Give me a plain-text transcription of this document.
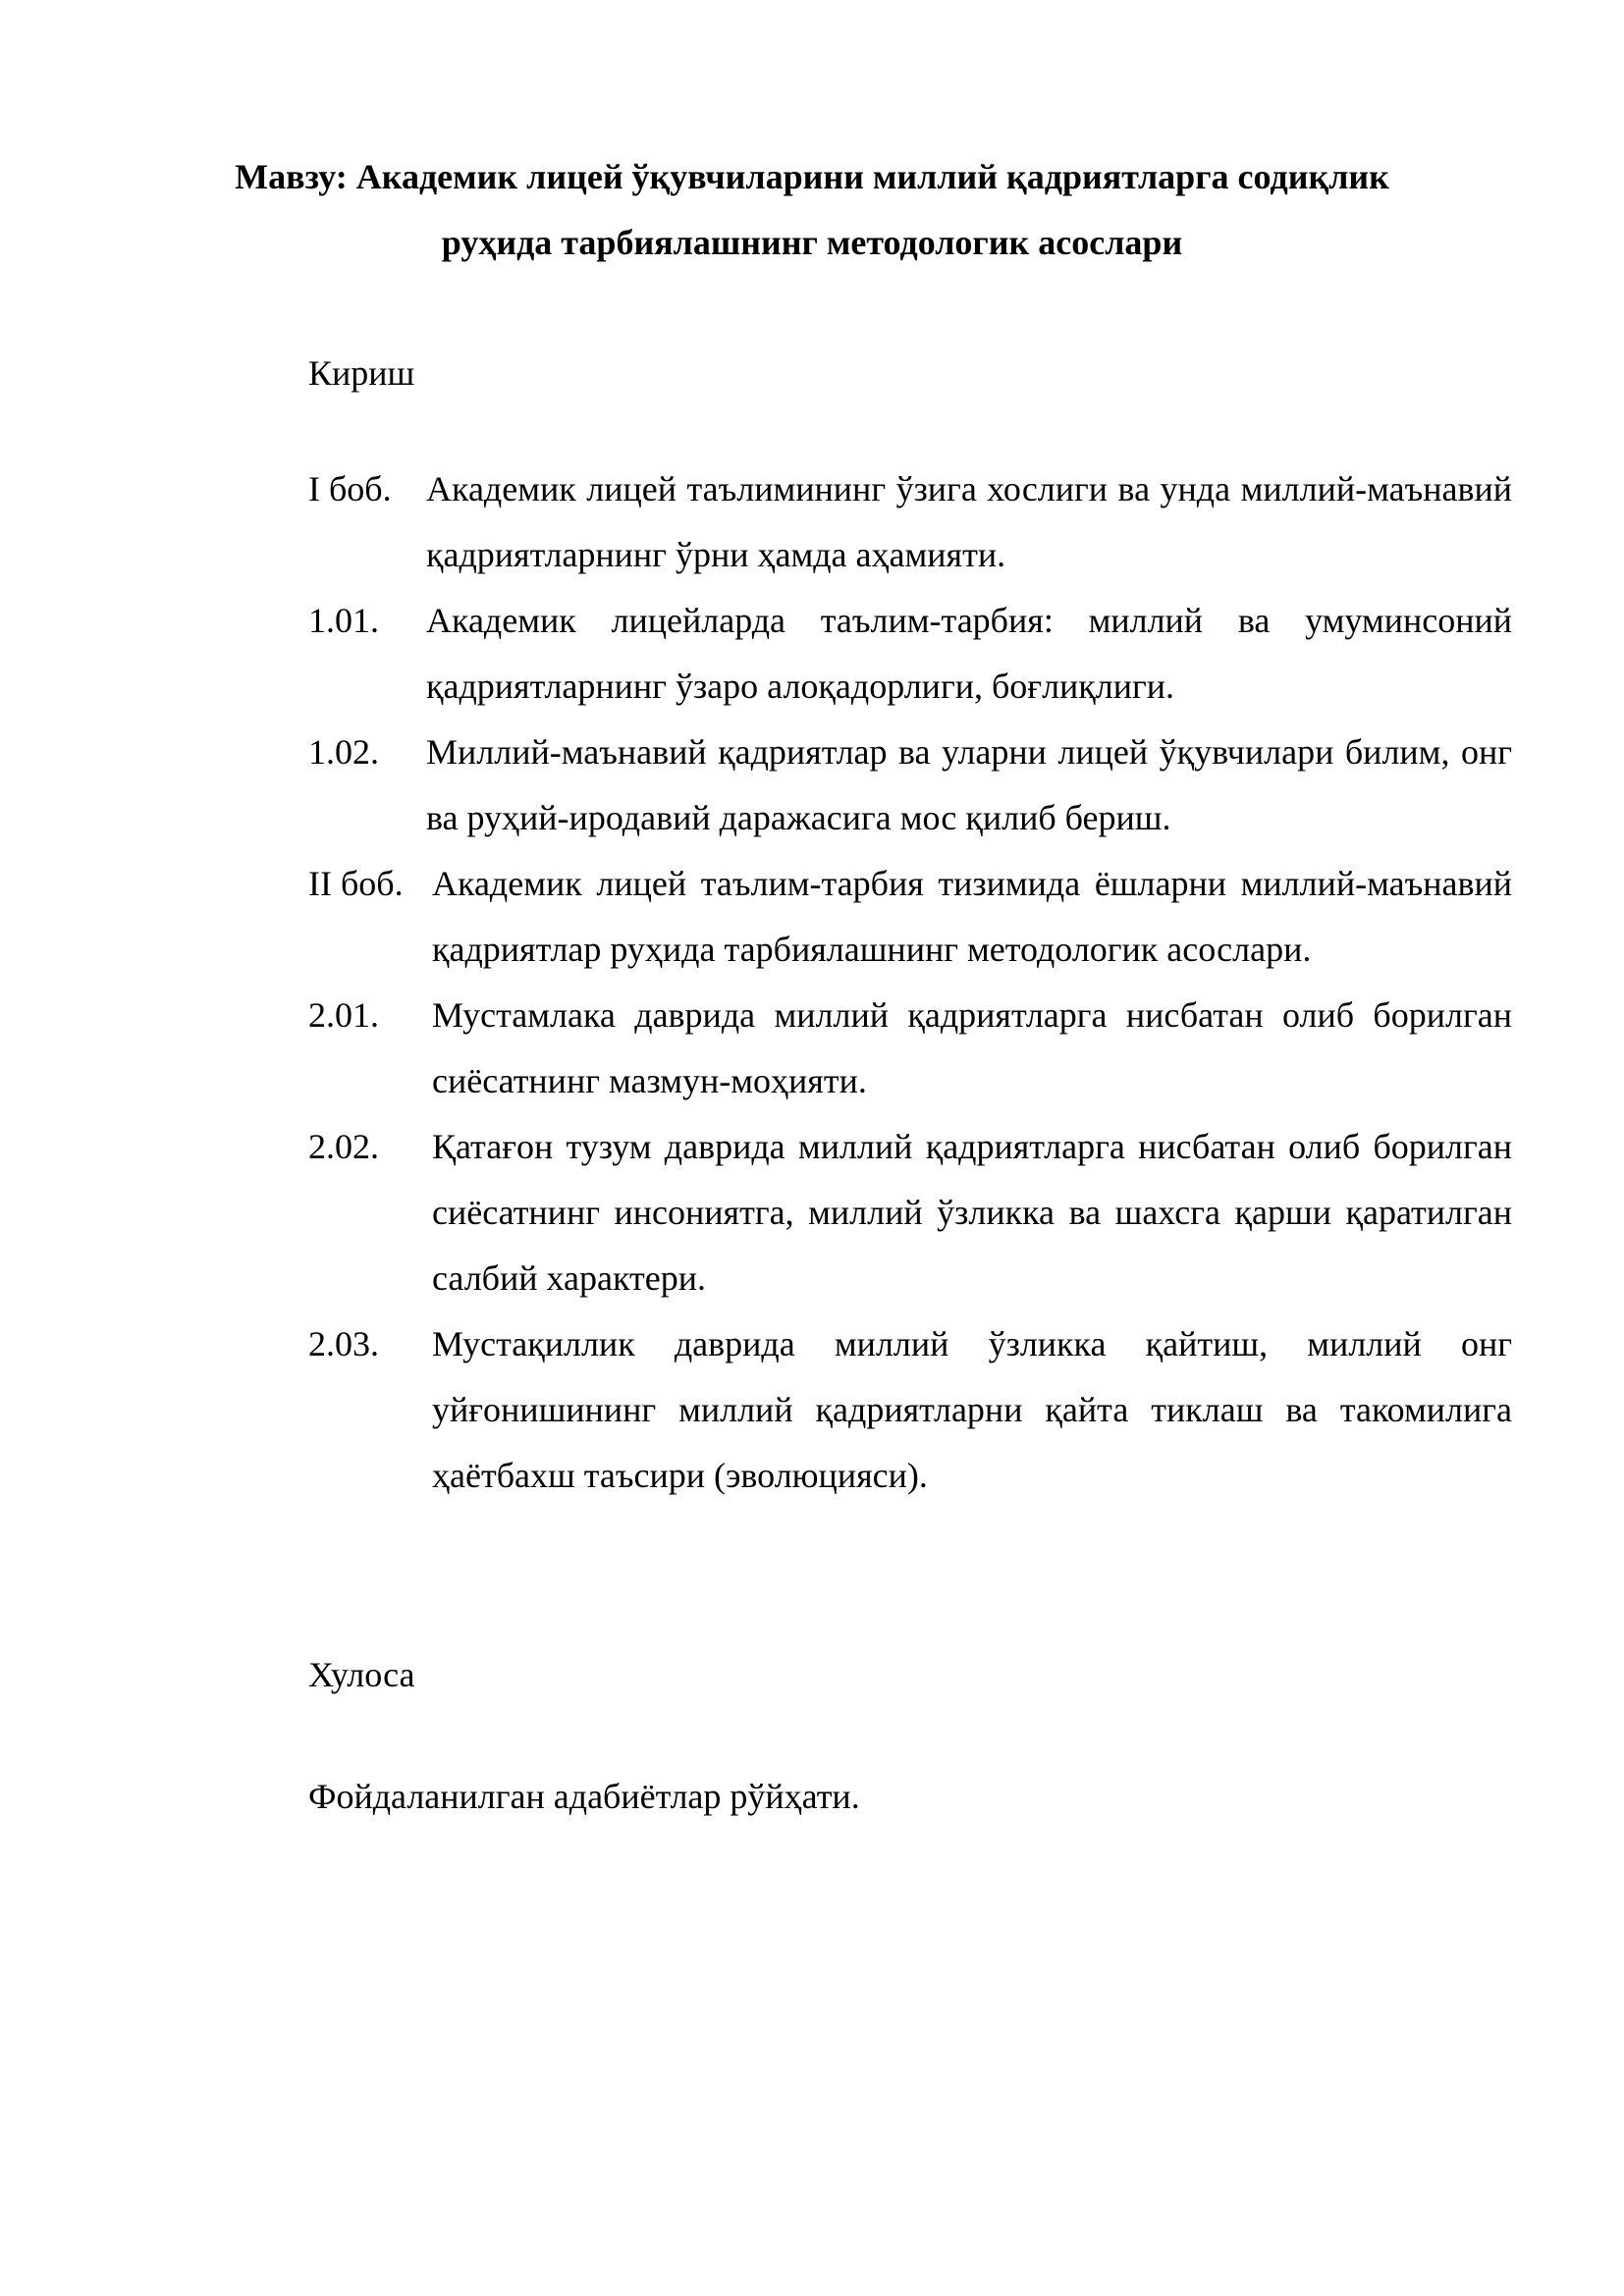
Мавзу: Академик лицей ўқувчиларини миллий қадриятларга содиқлик
руҳида тарбиялашнинг методологик асослари
Кириш
I боб. Академик лицей таълимининг ўзига хослиги ва унда миллий-маънавий қадриятларнинг ўрни ҳамда аҳамияти.
1.01.	Академик лицейларда таълим-тарбия: миллий ва умуминсоний қадриятларнинг ўзаро алоқадорлиги, боғлиқлиги.
1.02.	Миллий-маънавий қадриятлар ва уларни лицей ўқувчилари билим, онг ва руҳий-иродавий даражасига мос қилиб бериш.
II боб. Академик лицей таълим-тарбия тизимида ёшларни миллий-маънавий қадриятлар руҳида тарбиялашнинг методологик асослари.
2.01.	Мустамлака даврида миллий қадриятларга нисбатан олиб борилган сиёсатнинг мазмун-моҳияти.
2.02.	Қатағон тузум даврида миллий қадриятларга нисбатан олиб борилган сиёсатнинг инсониятга, миллий ўзликка ва шахсга қарши қаратилган салбий характери.
2.03.	Мустақиллик даврида миллий ўзликка қайтиш, миллий онг уйғонишининг миллий қадриятларни қайта тиклаш ва такомилига ҳаётбахш таъсири (эволюцияси).
Хулоса
Фойдаланилган адабиётлар рўйҳати.
